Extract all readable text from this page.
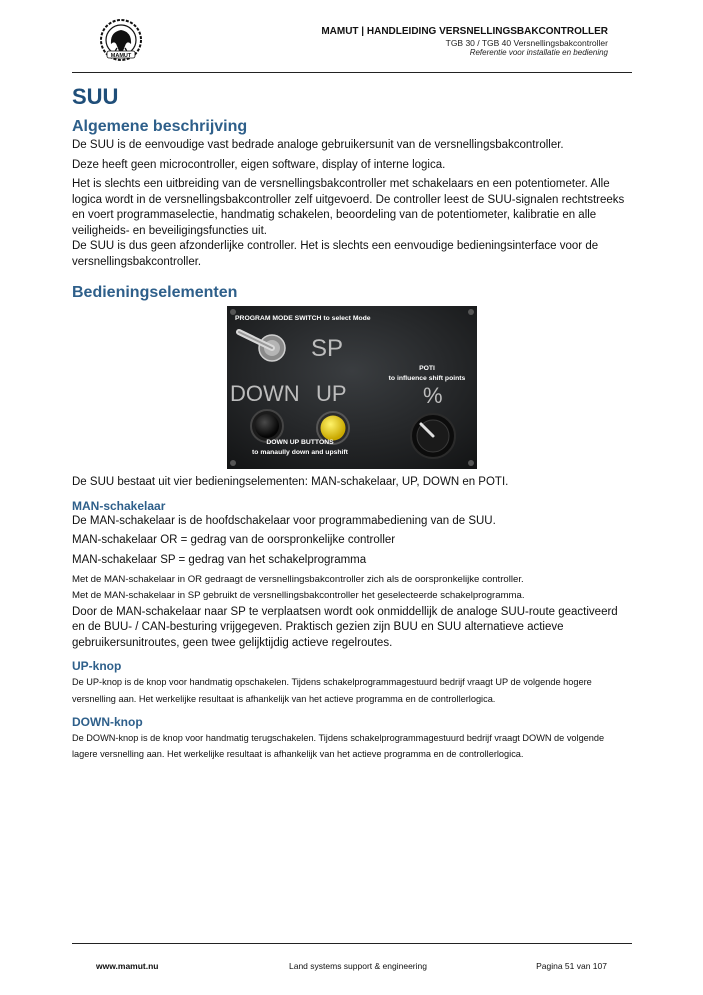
MAMUT
MAMUT | HANDLEIDING VERSNELLINGSBAKCONTROLLER
TGB 30 / TGB 40 Versnellingsbakcontroller
Referentie voor installatie en bediening
SUU
Algemene beschrijving

De SUU is de eenvoudige vast bedrade analoge gebruikersunit van de versnellingsbakcontroller.

Deze heeft geen microcontroller, eigen software, display of interne logica.

Het is slechts een uitbreiding van de versnellingsbakcontroller met schakelaars en een potentiometer. Alle logica wordt in de versnellingsbakcontroller zelf uitgevoerd. De controller leest de SUU-signalen rechtstreeks en voert programmaselectie, handmatig schakelen, beoordeling van de potentiometer, kalibratie en alle veiligheids- en beveiligingsfuncties uit.

De SUU is dus geen afzonderlijke controller. Het is slechts een eenvoudige bedieningsinterface voor de versnellingsbakcontroller.

Bedieningselementen
PROGRAM MODE SWITCH to select Mode
SP
POTI
to influence shift points
DOWN UP	%
DOWN UP BUTTONS
to manaully down and upshift

De SUU bestaat uit vier bedieningselementen: MAN-schakelaar, UP, DOWN en POTI.

MAN-schakelaar

De MAN-schakelaar is de hoofdschakelaar voor programmabediening van de SUU.

MAN-schakelaar OR = gedrag van de oorspronkelijke controller

MAN-schakelaar SP = gedrag van het schakelprogramma

Met de MAN-schakelaar in OR gedraagt de versnellingsbakcontroller zich als de oorspronkelijke controller.

Met de MAN-schakelaar in SP gebruikt de versnellingsbakcontroller het geselecteerde schakelprogramma.

Door de MAN-schakelaar naar SP te verplaatsen wordt ook onmiddellijk de analoge SUU-route geactiveerd en de BUU- / CAN-besturing vrijgegeven. Praktisch gezien zijn BUU en SUU alternatieve actieve gebruikersunitroutes, geen twee gelijktijdig actieve regelroutes.

UP-knop

De UP-knop is de knop voor handmatig opschakelen. Tijdens schakelprogrammagestuurd bedrijf vraagt UP de volgende hogere versnelling aan. Het werkelijke resultaat is afhankelijk van het actieve programma en de controllerlogica.

DOWN-knop

De DOWN-knop is de knop voor handmatig terugschakelen. Tijdens schakelprogrammagestuurd bedrijf vraagt DOWN de volgende lagere versnelling aan. Het werkelijke resultaat is afhankelijk van het actieve programma en de controllerlogica.

www.mamut.nu	Land systems support & engineering	Pagina 51 van 107
